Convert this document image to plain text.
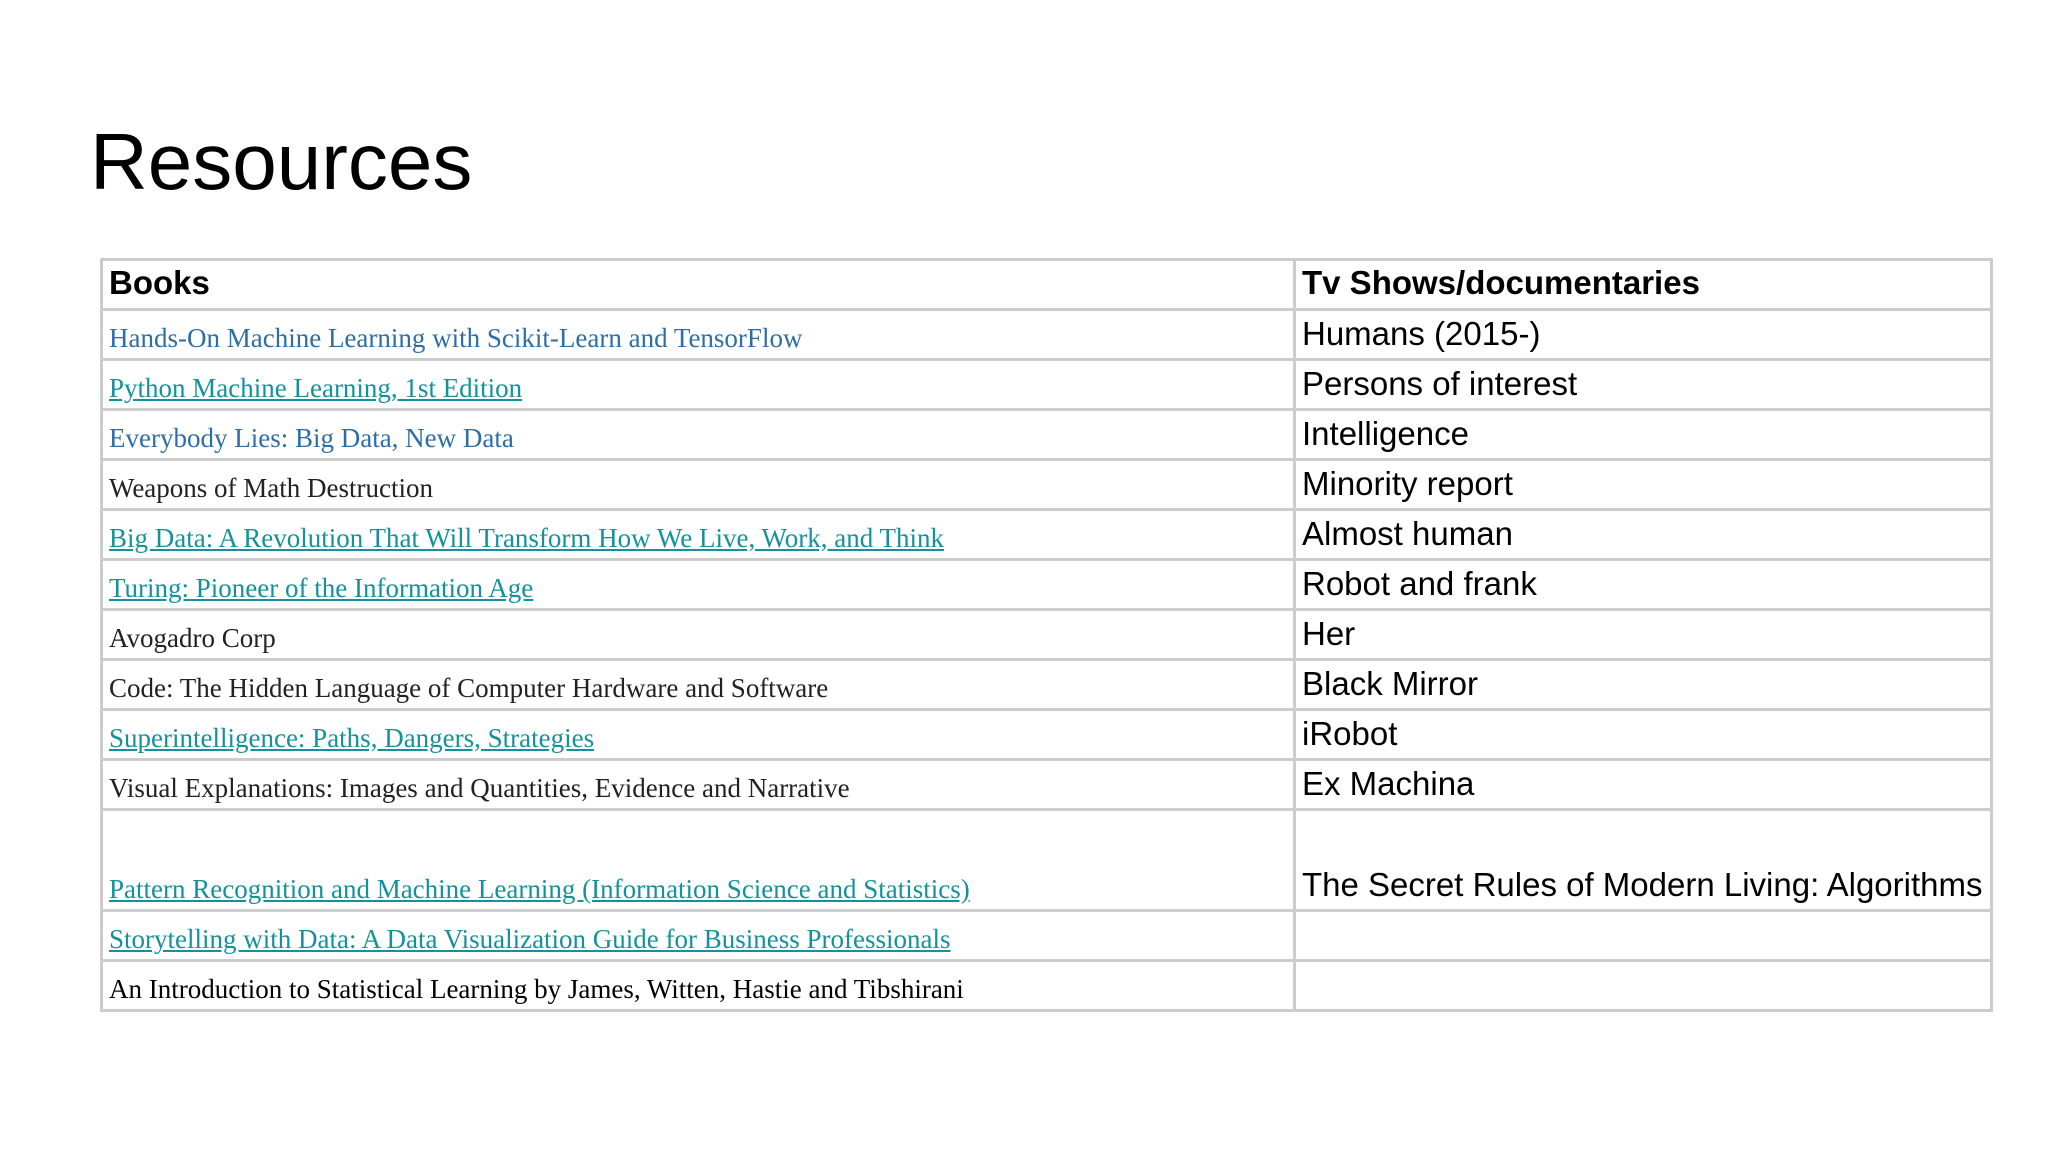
Resources
Books	Tv Shows/documentaries
Hands-On Machine Learning with Scikit-Learn and TensorFlow	Humans (2015-)
Python Machine Learning, 1st Edition	Persons of interest
Everybody Lies: Big Data, New Data	Intelligence
Weapons of Math Destruction	Minority report
Big Data: A Revolution That Will Transform How We Live, Work, and Think	Almost human
Turing: Pioneer of the Information Age	Robot and frank
Avogadro Corp	Her
Code: The Hidden Language of Computer Hardware and Software	Black Mirror
Superintelligence: Paths, Dangers, Strategies	iRobot
Visual Explanations: Images and Quantities, Evidence and Narrative	Ex Machina
Pattern Recognition and Machine Learning (Information Science and Statistics)	The Secret Rules of Modern Living: Algorithms
Storytelling with Data: A Data Visualization Guide for Business Professionals	
An Introduction to Statistical Learning by James, Witten, Hastie and Tibshirani	
